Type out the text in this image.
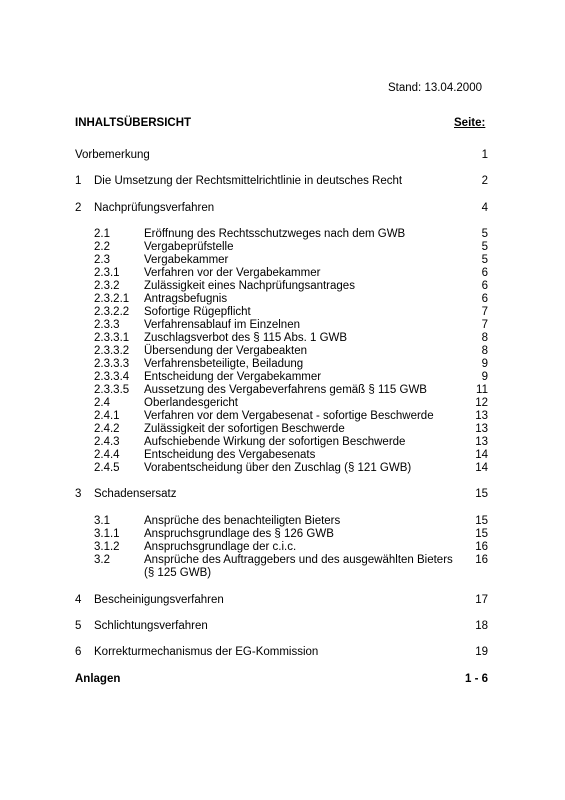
Stand: 13.04.2000
INHALTSÜBERSICHT	Seite:
Vorbemerkung	1
1 Die Umsetzung der Rechtsmittelrichtlinie in deutsches Recht	2
2 Nachprüfungsverfahren	4
2.1	Eröffnung des Rechtsschutzweges nach dem GWB	5
2.2	Vergabeprüfstelle	5
2.3	Vergabekammer	5
2.3.1 Verfahren vor der Vergabekammer	6
2.3.2 Zulässigkeit eines Nachprüfungsantrages	6
2.3.2.1 Antragsbefugnis	6
2.3.2.2 Sofortige Rügepflicht	7
2.3.3 Verfahrensablauf im Einzelnen	7
2.3.3.1 Zuschlagsverbot des § 115 Abs. 1 GWB	8
2.3.3.2 Übersendung der Vergabeakten	8
2.3.3.3 Verfahrensbeteiligte, Beiladung	9
2.3.3.4 Entscheidung der Vergabekammer	9
2.3.3.5 Aussetzung des Vergabeverfahrens gemäß § 115 GWB	11
2.4	Oberlandesgericht	12
2.4.1 Verfahren vor dem Vergabesenat - sofortige Beschwerde	13
2.4.2 Zulässigkeit der sofortigen Beschwerde	13
2.4.3 Aufschiebende Wirkung der sofortigen Beschwerde	13
2.4.4 Entscheidung des Vergabesenats	14
2.4.5 Vorabentscheidung über den Zuschlag (§ 121 GWB)	14
3 Schadensersatz	15
3.1	Ansprüche des benachteiligten Bieters	15
3.1.1 Anspruchsgrundlage des § 126 GWB	15
3.1.2 Anspruchsgrundlage der c.i.c.	16
3.2	Ansprüche des Auftraggebers und des ausgewählten Bieters	16
(§ 125 GWB)
4 Bescheinigungsverfahren	17
5 Schlichtungsverfahren	18
6 Korrekturmechanismus der EG-Kommission	19
Anlagen	1 - 6
